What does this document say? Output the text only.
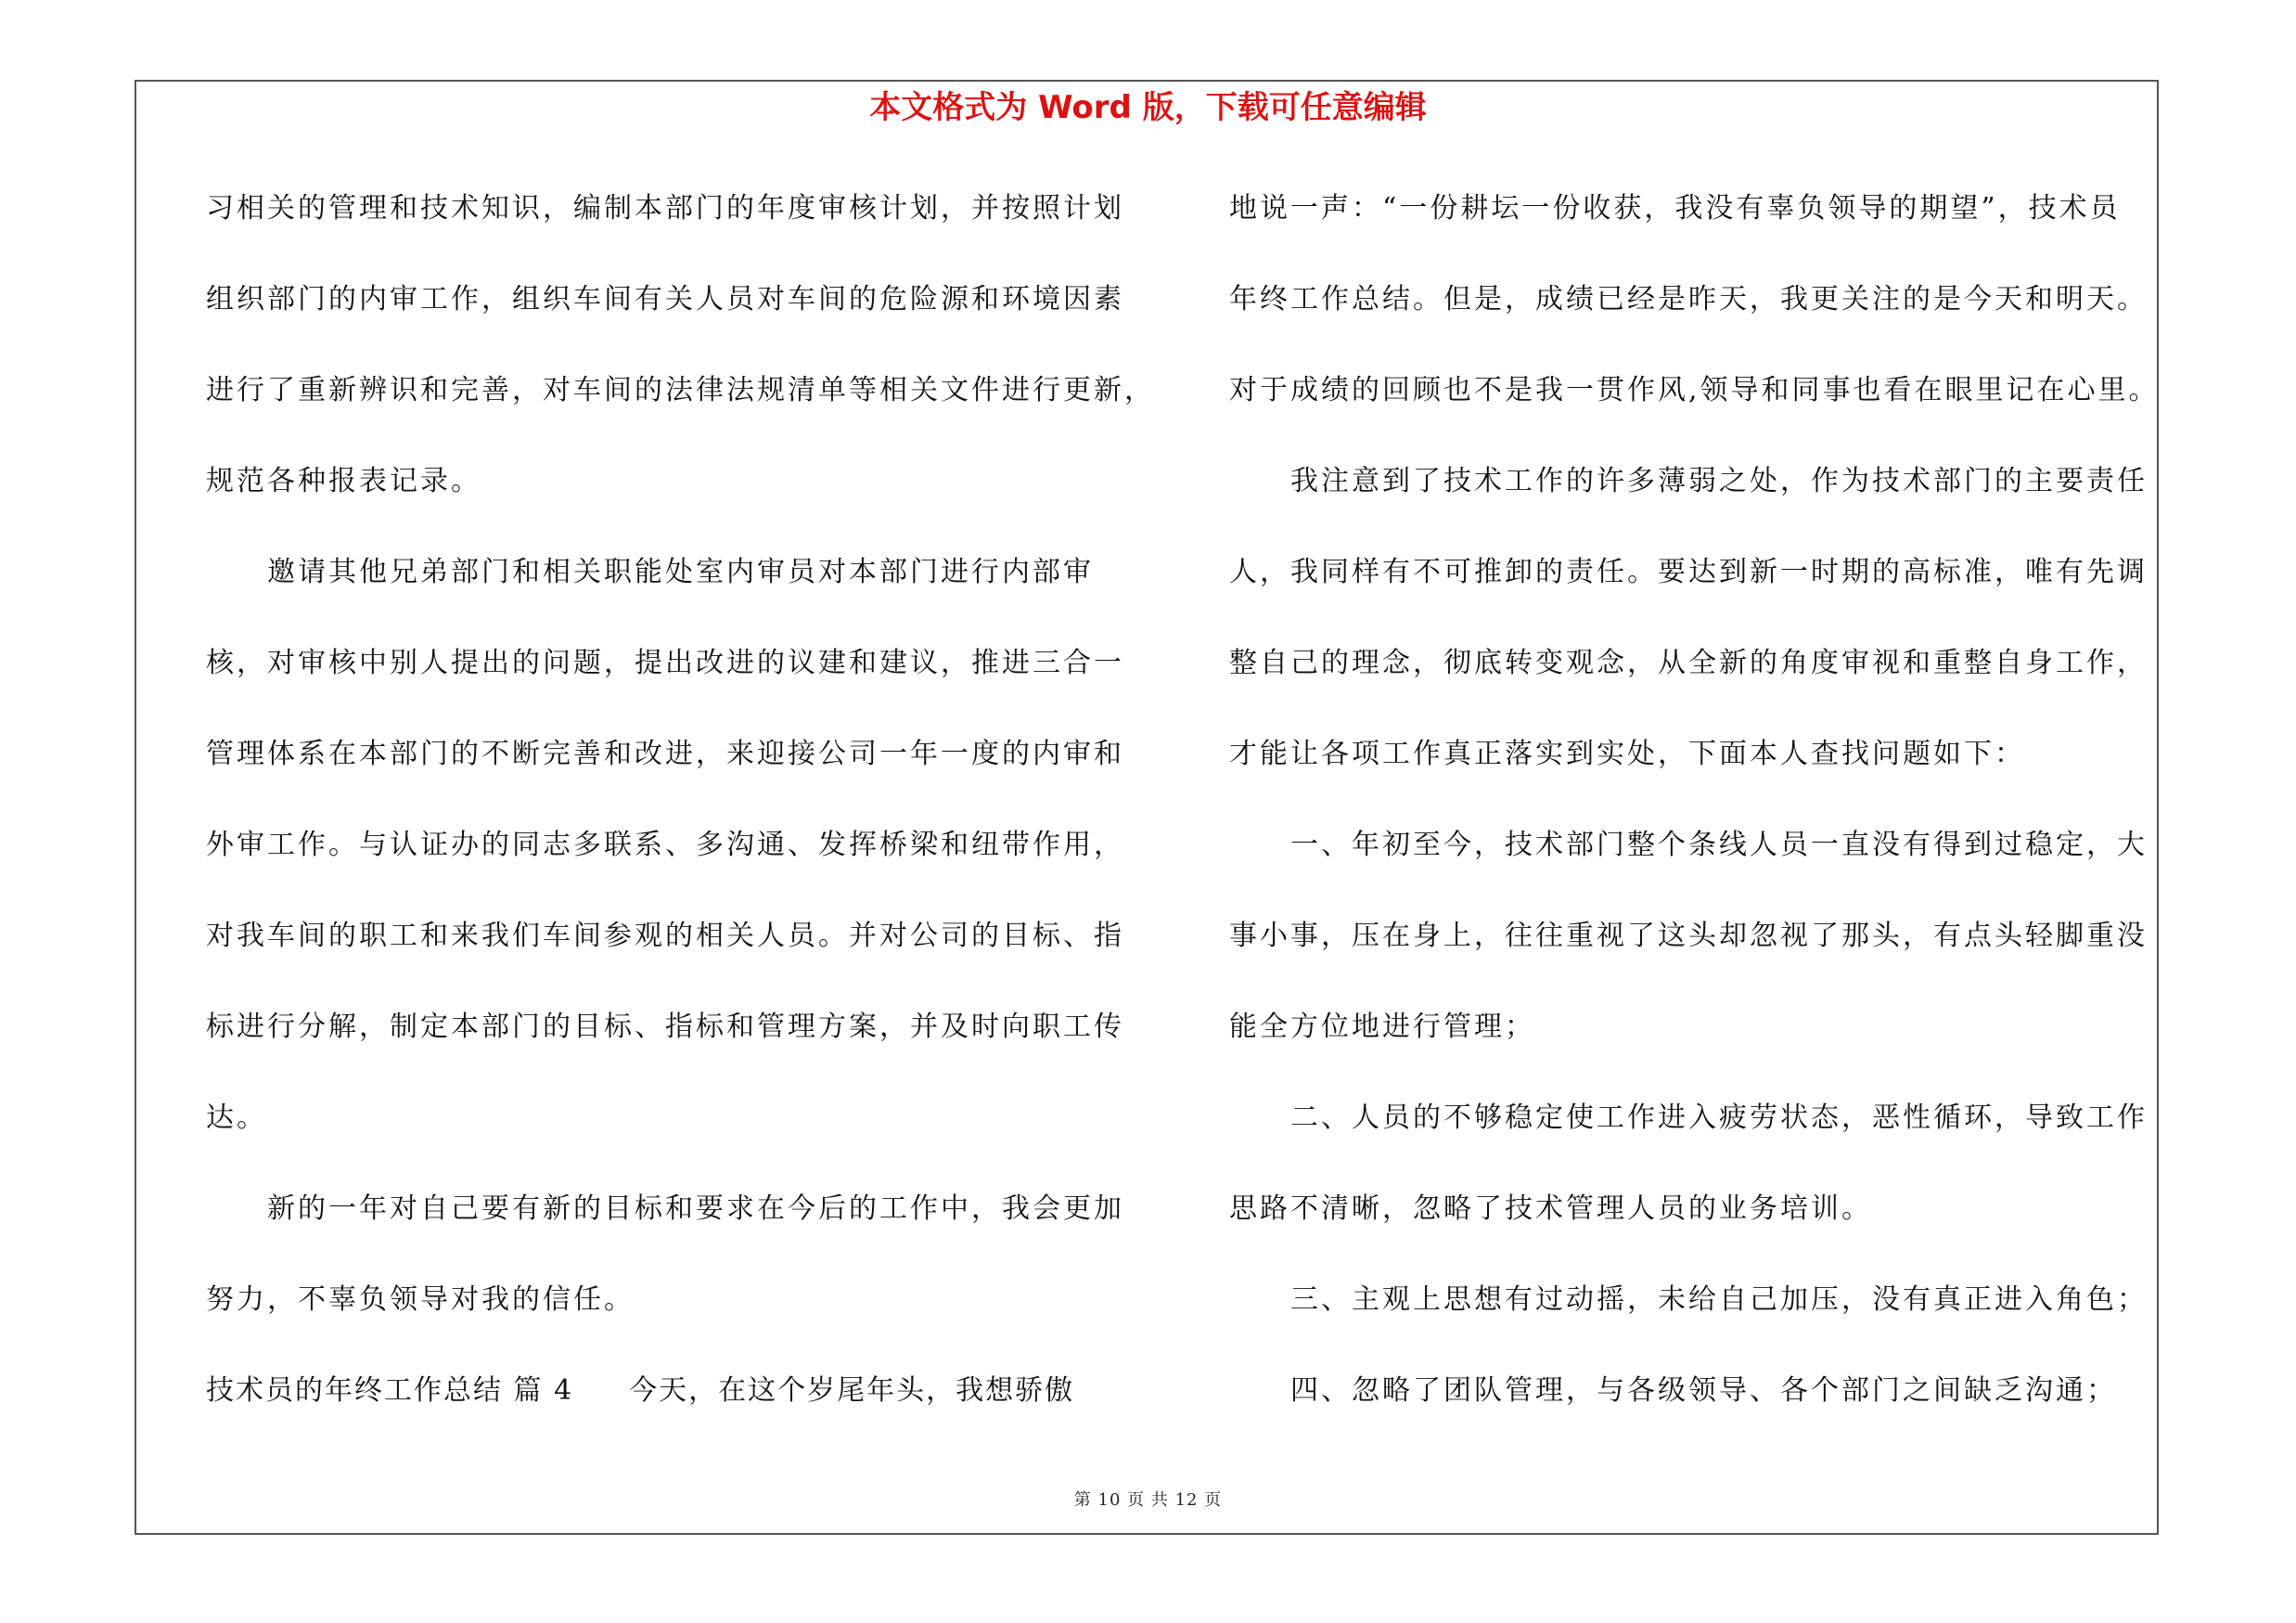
本文格式为 Word 版，下载可任意编辑
习相关的管理和技术知识，编制本部门的年度审核计划，并按照计划
组织部门的内审工作，组织车间有关人员对车间的危险源和环境因素
进行了重新辨识和完善，对车间的法律法规清单等相关文件进行更新，
规范各种报表记录。
邀请其他兄弟部门和相关职能处室内审员对本部门进行内部审
核，对审核中别人提出的问题，提出改进的议建和建议，推进三合一
管理体系在本部门的不断完善和改进，来迎接公司一年一度的内审和
外审工作。与认证办的同志多联系、多沟通、发挥桥梁和纽带作用，
对我车间的职工和来我们车间参观的相关人员。并对公司的目标、指
标进行分解，制定本部门的目标、指标和管理方案，并及时向职工传
达。
新的一年对自己要有新的目标和要求在今后的工作中，我会更加
努力，不辜负领导对我的信任。
技术员的年终工作总结 篇 4 今天，在这个岁尾年头，我想骄傲
地说一声：“一份耕坛一份收获，我没有辜负领导的期望”，技术员
年终工作总结。但是，成绩已经是昨天，我更关注的是今天和明天。
对于成绩的回顾也不是我一贯作风,领导和同事也看在眼里记在心里。
我注意到了技术工作的许多薄弱之处，作为技术部门的主要责任
人，我同样有不可推卸的责任。要达到新一时期的高标准，唯有先调
整自己的理念，彻底转变观念，从全新的角度审视和重整自身工作，
才能让各项工作真正落实到实处，下面本人查找问题如下：
一、年初至今，技术部门整个条线人员一直没有得到过稳定，大
事小事，压在身上，往往重视了这头却忽视了那头，有点头轻脚重没
能全方位地进行管理；
二、人员的不够稳定使工作进入疲劳状态，恶性循环，导致工作
思路不清晰，忽略了技术管理人员的业务培训。
三、主观上思想有过动摇，未给自己加压，没有真正进入角色；
四、忽略了团队管理，与各级领导、各个部门之间缺乏沟通；
第 10 页 共 12 页
